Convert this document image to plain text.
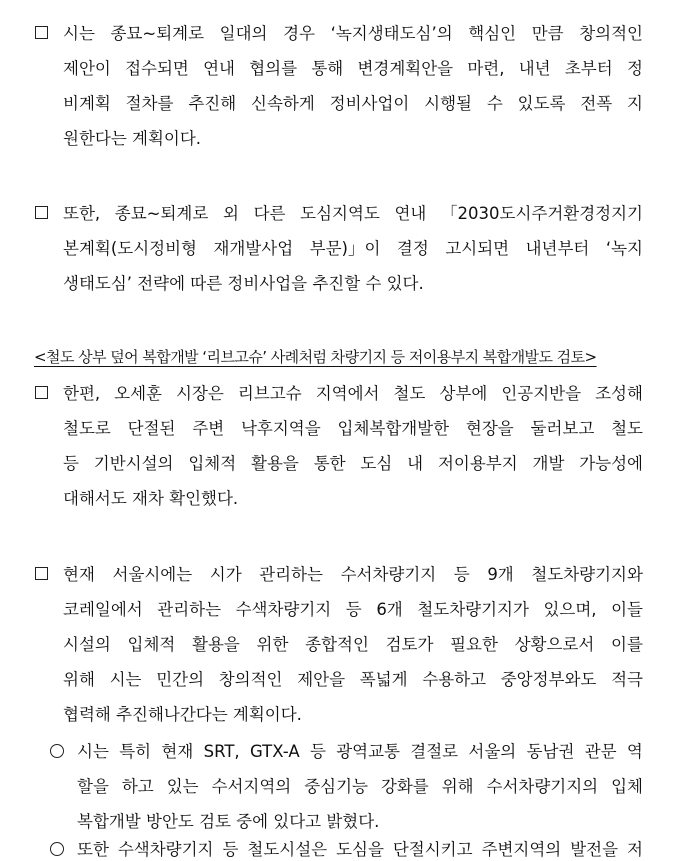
시는 종묘~퇴계로 일대의 경우 ‘녹지생태도심’의 핵심인 만큼 창의적인
제안이 접수되면 연내 협의를 통해 변경계획안을 마련, 내년 초부터 정
비계획 절차를 추진해 신속하게 정비사업이 시행될 수 있도록 전폭 지
원한다는 계획이다.
또한, 종묘~퇴계로 외 다른 도심지역도 연내 「2030도시주거환경정지기
본계획(도시정비형 재개발사업 부문)」이 결정 고시되면 내년부터 ‘녹지
생태도심’ 전략에 따른 정비사업을 추진할 수 있다.
<철도 상부 덮어 복합개발 ‘리브고슈’ 사례처럼 차량기지 등 저이용부지 복합개발도 검토>
한편, 오세훈 시장은 리브고슈 지역에서 철도 상부에 인공지반을 조성해
철도로 단절된 주변 낙후지역을 입체복합개발한 현장을 둘러보고 철도
등 기반시설의 입체적 활용을 통한 도심 내 저이용부지 개발 가능성에
대해서도 재차 확인했다.
현재 서울시에는 시가 관리하는 수서차량기지 등 9개 철도차량기지와
코레일에서 관리하는 수색차량기지 등 6개 철도차량기지가 있으며, 이들
시설의 입체적 활용을 위한 종합적인 검토가 필요한 상황으로서 이를
위해 시는 민간의 창의적인 제안을 폭넓게 수용하고 중앙정부와도 적극
협력해 추진해나간다는 계획이다.
시는 특히 현재 SRT, GTX-A 등 광역교통 결절로 서울의 동남권 관문 역
할을 하고 있는 수서지역의 중심기능 강화를 위해 수서차량기지의 입체
복합개발 방안도 검토 중에 있다고 밝혔다.
또한 수색차량기지 등 철도시설은 도심을 단절시키고 주변지역의 발전을 저
